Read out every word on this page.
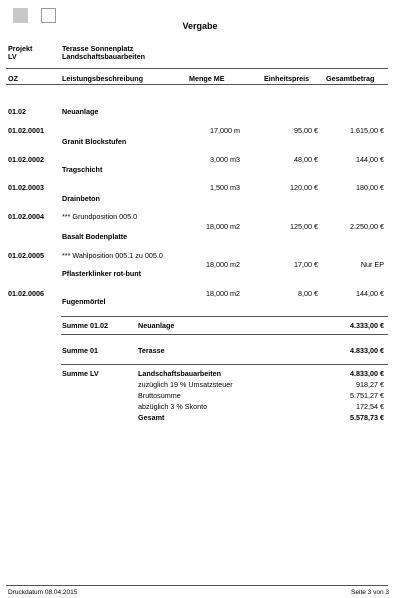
Vergabe
Projekt	Terasse Sonnenplatz
LV	Landschaftsbauarbeiten
OZ	Leistungsbeschreibung	Menge ME	Einheitspreis Gesamtbetrag
01.02	Neuanlage
01.02.0001	17,000 m	95,00 €	1.615,00 €
Granit Blockstufen
01.02.0002	3,000 m3	48,00 €	144,00 €
Tragschicht
01.02.0003	1,500 m3	120,00 €	180,00 €
Drainbeton
01.02.0004	*** Grundposition 005.0
18,000 m2	125,00 €	2.250,00 €
Basalt Bodenplatte
01.02.0005	*** Wahlposition 005.1 zu 005.0
18,000 m2	17,00 €	Nur EP
Pflasterklinker rot-bunt
01.02.0006	18,000 m2	8,00 €	144,00 €
Fugenmörtel
Summe 01.02	Neuanlage	4.333,00 €
Summe 01	Terasse	4.833,00 €
Summe LV	Landschaftsbauarbeiten	4.833,00 €
zuzüglich 19 % Umsatzsteuer	918,27 €
Bruttosumme	5.751,27 €
abzüglich 3 % Skonto	172,54 €
Gesamt	5.578,73 €
Druckdatum 08.04.2015	Seite 3 von 3
